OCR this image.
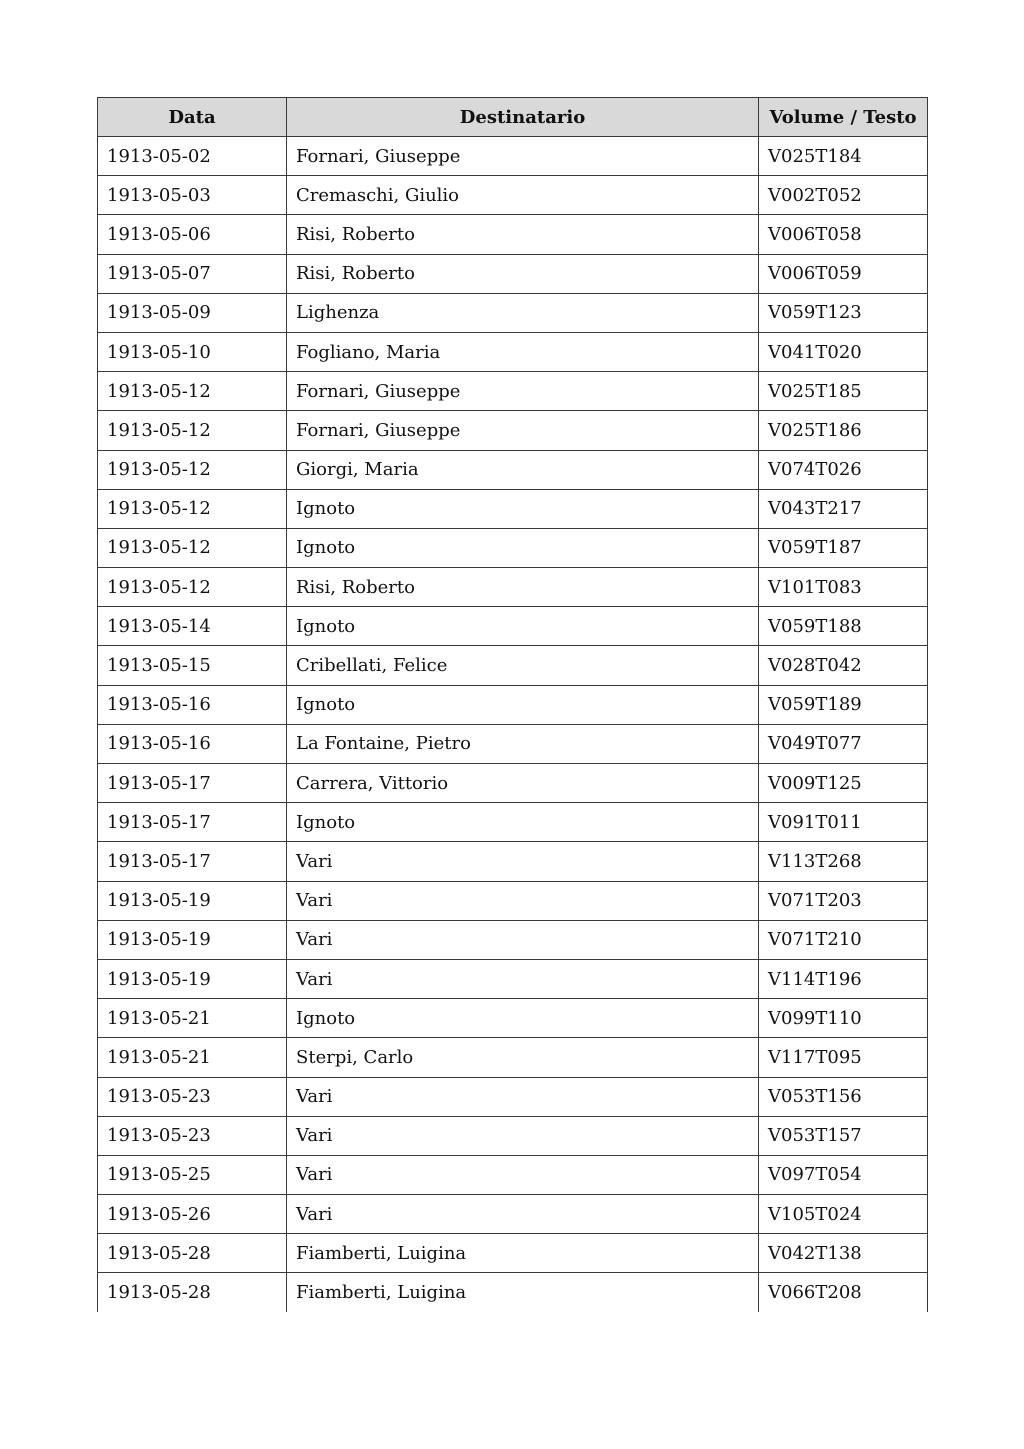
Data	Destinatario	Volume / Testo
1913-05-02	Fornari, Giuseppe	V025T184
1913-05-03	Cremaschi, Giulio	V002T052
1913-05-06	Risi, Roberto	V006T058
1913-05-07	Risi, Roberto	V006T059
1913-05-09	Lighenza	V059T123
1913-05-10	Fogliano, Maria	V041T020
1913-05-12	Fornari, Giuseppe	V025T185
1913-05-12	Fornari, Giuseppe	V025T186
1913-05-12	Giorgi, Maria	V074T026
1913-05-12	Ignoto	V043T217
1913-05-12	Ignoto	V059T187
1913-05-12	Risi, Roberto	V101T083
1913-05-14	Ignoto	V059T188
1913-05-15	Cribellati, Felice	V028T042
1913-05-16	Ignoto	V059T189
1913-05-16	La Fontaine, Pietro	V049T077
1913-05-17	Carrera, Vittorio	V009T125
1913-05-17	Ignoto	V091T011
1913-05-17	Vari	V113T268
1913-05-19	Vari	V071T203
1913-05-19	Vari	V071T210
1913-05-19	Vari	V114T196
1913-05-21	Ignoto	V099T110
1913-05-21	Sterpi, Carlo	V117T095
1913-05-23	Vari	V053T156
1913-05-23	Vari	V053T157
1913-05-25	Vari	V097T054
1913-05-26	Vari	V105T024
1913-05-28	Fiamberti, Luigina	V042T138
1913-05-28	Fiamberti, Luigina	V066T208
